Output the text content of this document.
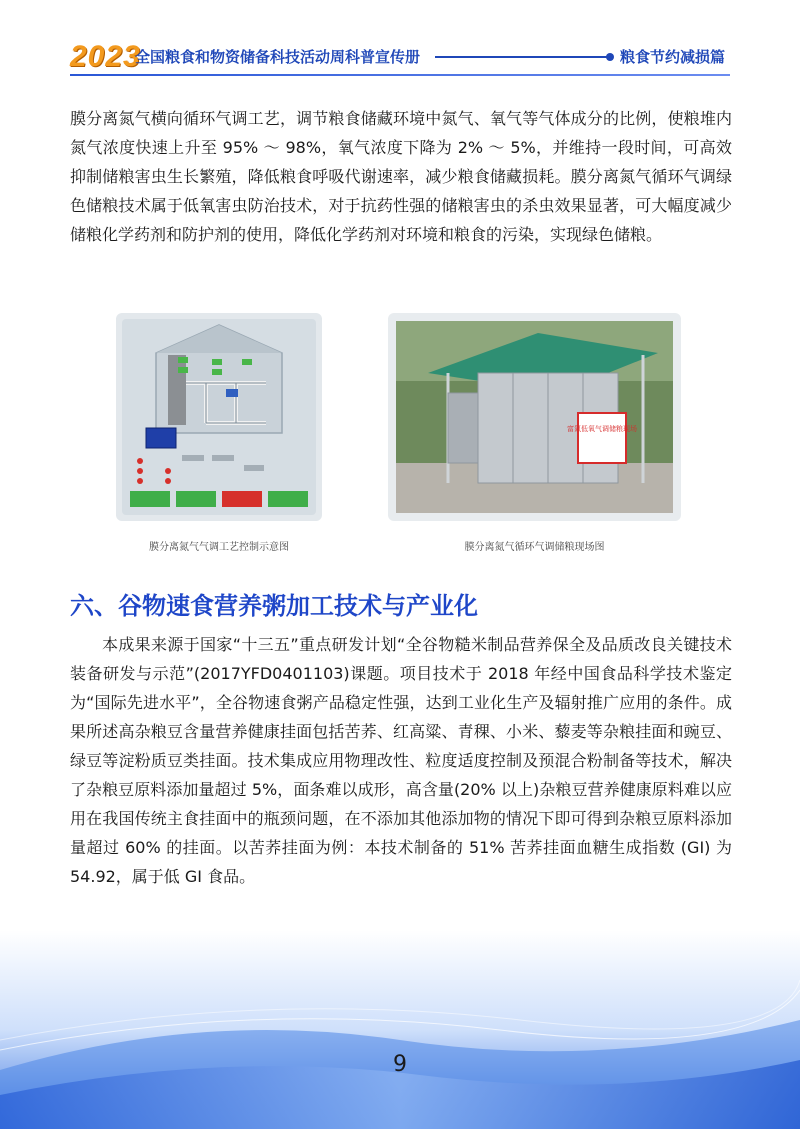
2023
全国粮食和物资储备科技活动周科普宣传册	粮食节约减损篇

膜分离氮气横向循环气调工艺，调节粮食储藏环境中氮气、氧气等气体成分的比例，使粮堆内氮气浓度快速上升至 95% ～ 98%，氧气浓度下降为 2% ～ 5%，并维持一段时间，可高效抑制储粮害虫生长繁殖，降低粮食呼吸代谢速率，减少粮食储藏损耗。膜分离氮气循环气调绿色储粮技术属于低氧害虫防治技术，对于抗药性强的储粮害虫的杀虫效果显著，可大幅度减少储粮化学药剂和防护剂的使用，降低化学药剂对环境和粮食的污染，实现绿色储粮。

膜分离氮气气调工艺控制示意图
富氮低氧气调储粮现场
膜分离氮气循环气调储粮现场图
六、谷物速食营养粥加工技术与产业化

本成果来源于国家“十三五”重点研发计划“全谷物糙米制品营养保全及品质改良关键技术装备研发与示范”(2017YFD0401103)课题。项目技术于 2018 年经中国食品科学技术鉴定为“国际先进水平”，全谷物速食粥产品稳定性强，达到工业化生产及辐射推广应用的条件。成果所述高杂粮豆含量营养健康挂面包括苦荞、红高粱、青稞、小米、藜麦等杂粮挂面和豌豆、绿豆等淀粉质豆类挂面。技术集成应用物理改性、粒度适度控制及预混合粉制备等技术，解决了杂粮豆原料添加量超过 5%，面条难以成形，高含量(20% 以上)杂粮豆营养健康原料难以应用在我国传统主食挂面中的瓶颈问题，在不添加其他添加物的情况下即可得到杂粮豆原料添加量超过 60% 的挂面。以苦荞挂面为例：本技术制备的 51% 苦荞挂面血糖生成指数 (GI) 为 54.92，属于低 GI 食品。

9
